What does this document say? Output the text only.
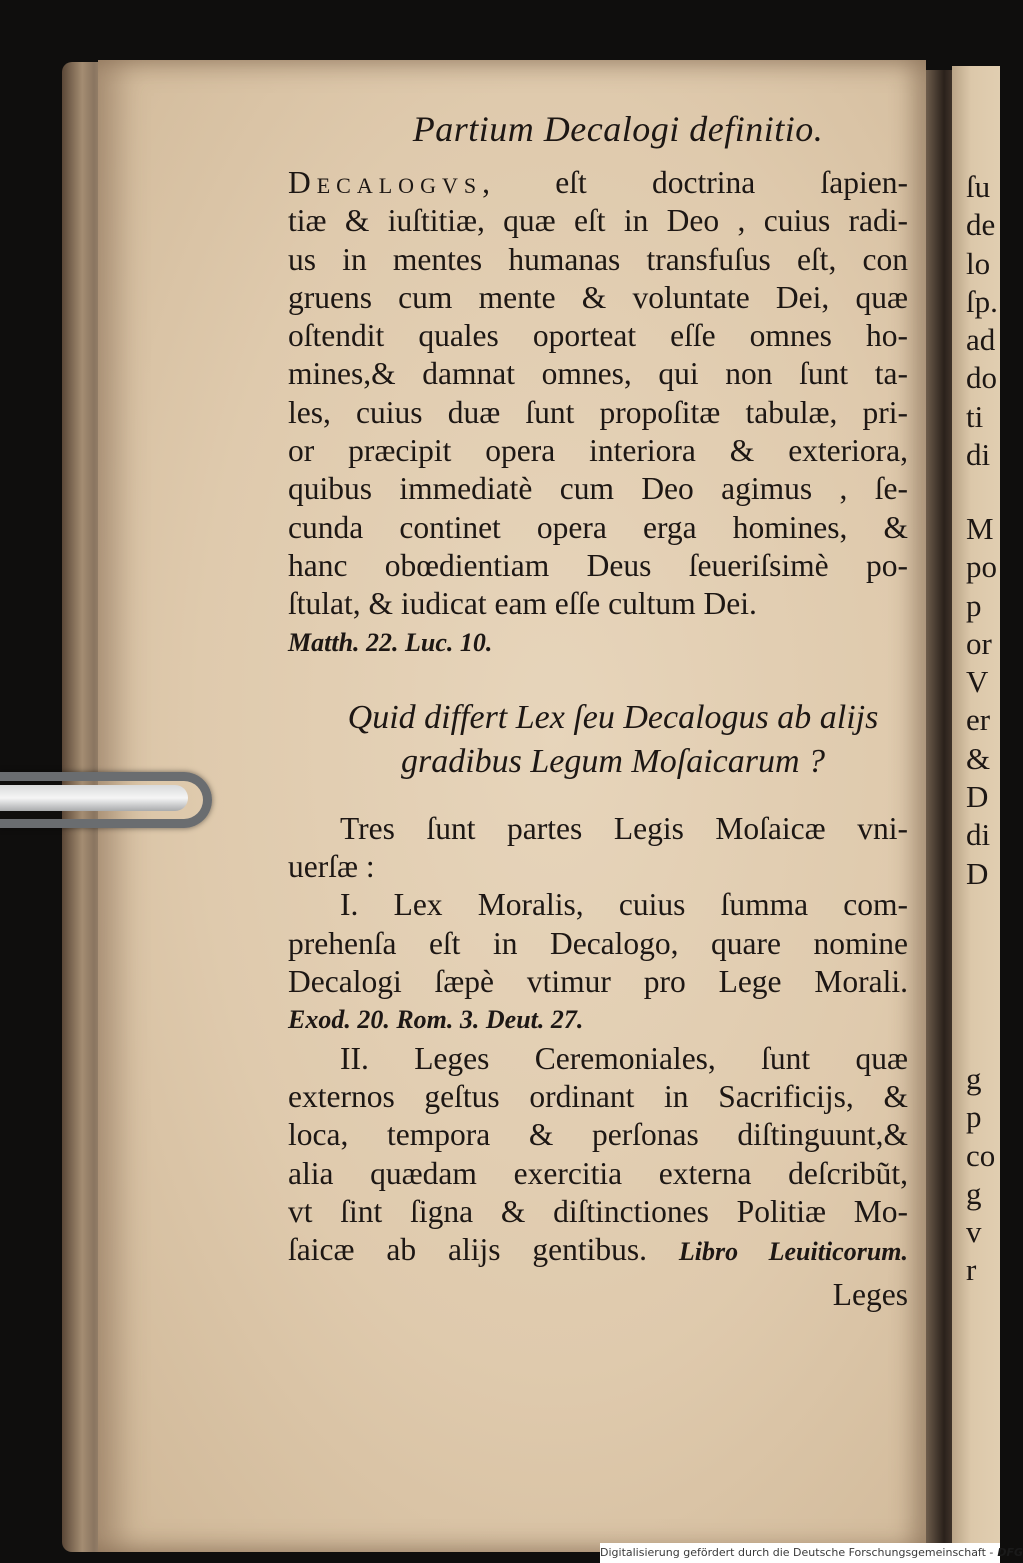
ſu
de
lo
ſp.
ad
do
ti
di
M
po
p
or
V
er
&
D
di
D
g
p
co
g
v
r
Partium Decalogi definitio.
Decalogvs, eſt doctrina ſapien-
tiæ & iuſtitiæ, quæ eſt in Deo , cuius radi-
us in mentes humanas transfuſus eſt, con
gruens cum mente & voluntate Dei, quæ
oſtendit quales oporteat eſſe omnes ho-
mines,& damnat omnes, qui non ſunt ta-
les, cuius duæ ſunt propoſitæ tabulæ, pri-
or præcipit opera interiora & exteriora,
quibus immediatè cum Deo agimus , ſe-
cunda continet opera erga homines, &
hanc obœdientiam Deus ſeueriſsimè po-
ſtulat, & iudicat eam eſſe cultum Dei.
Matth. 22. Luc. 10.
Quid differt Lex ſeu Decalogus ab alijs
gradibus Legum Moſaicarum ?
Tres ſunt partes Legis Moſaicæ vni-
uerſæ :
I. Lex Moralis, cuius ſumma com-
prehenſa eſt in Decalogo, quare nomine
Decalogi ſæpè vtimur pro Lege Morali.
Exod. 20. Rom. 3. Deut. 27.
II. Leges Ceremoniales, ſunt quæ
externos geſtus ordinant in Sacrificijs, &
loca, tempora & perſonas diſtinguunt,&
alia quædam exercitia externa deſcribũt,
vt ſint ſigna & diſtinctiones Politiæ Mo-
ſaicæ ab alijs gentibus. Libro Leuiticorum.
Leges
Digitalisierung gefördert durch die Deutsche Forschungsgemeinschaft - DFG
